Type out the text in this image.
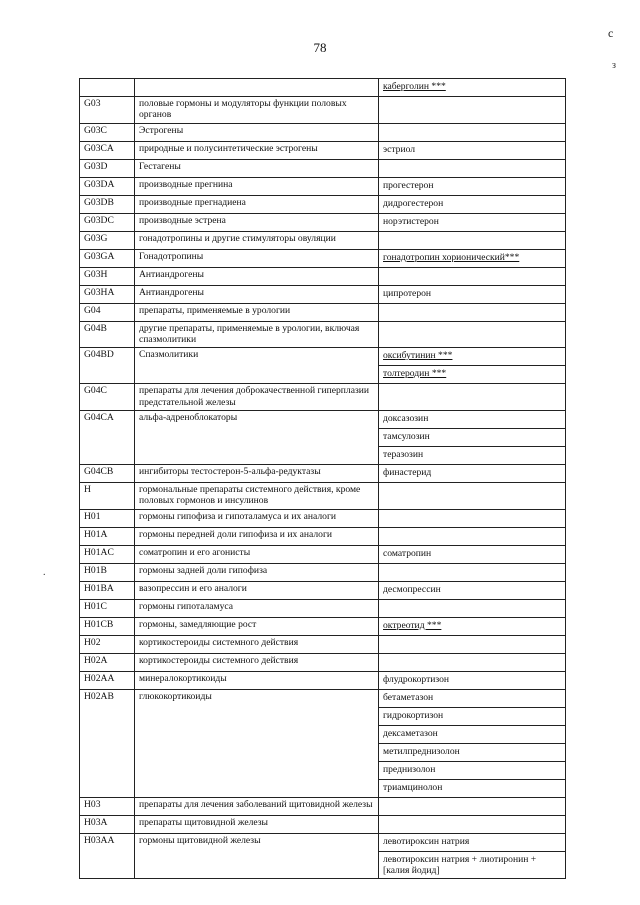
78
с
з
.
		каберголин ***
G03	половые гормоны и модуляторы функции половых органов	
G03C	Эстрогены	
G03CA	природные и полусинтетические эстрогены	эстриол
G03D	Гестагены	
G03DA	производные прегнина	прогестерон
G03DB	производные прегнадиена	дидрогестерон
G03DC	производные эстрена	норэтистерон
G03G	гонадотропины и другие стимуляторы овуляции	
G03GA	Гонадотропины	гонадотропин хорионический***
G03H	Антиандрогены	
G03HA	Антиандрогены	ципротерон
G04	препараты, применяемые в урологии	
G04B	другие препараты, применяемые в урологии, включая спазмолитики	
G04BD	Спазмолитики	оксибутинин ***
		толтеродин ***
G04C	препараты для лечения доброкачественной гиперплазии предстательной железы	
G04CA	альфа-адреноблокаторы	доксазозин
		тамсулозин
		теразозин
G04CB	ингибиторы тестостерон-5-альфа-редуктазы	финастерид
H	гормональные препараты системного действия, кроме половых гормонов и инсулинов	
H01	гормоны гипофиза и гипоталамуса и их аналоги	
H01A	гормоны передней доли гипофиза и их аналоги	
H01AC	соматропин и его агонисты	соматропин
H01B	гормоны задней доли гипофиза	
H01BA	вазопрессин и его аналоги	десмопрессин
H01C	гормоны гипоталамуса	
H01CB	гормоны, замедляющие рост	октреотид ***
H02	кортикостероиды системного действия	
H02A	кортикостероиды системного действия	
H02AA	минералокортикоиды	флудрокортизон
H02AB	глюкокортикоиды	бетаметазон
		гидрокортизон
		дексаметазон
		метилпреднизолон
		преднизолон
		триамцинолон
H03	препараты для лечения заболеваний щитовидной железы	
H03A	препараты щитовидной железы	
H03AA	гормоны щитовидной железы	левотироксин натрия
		левотироксин натрия + лиотиронин + [калия йодид]
